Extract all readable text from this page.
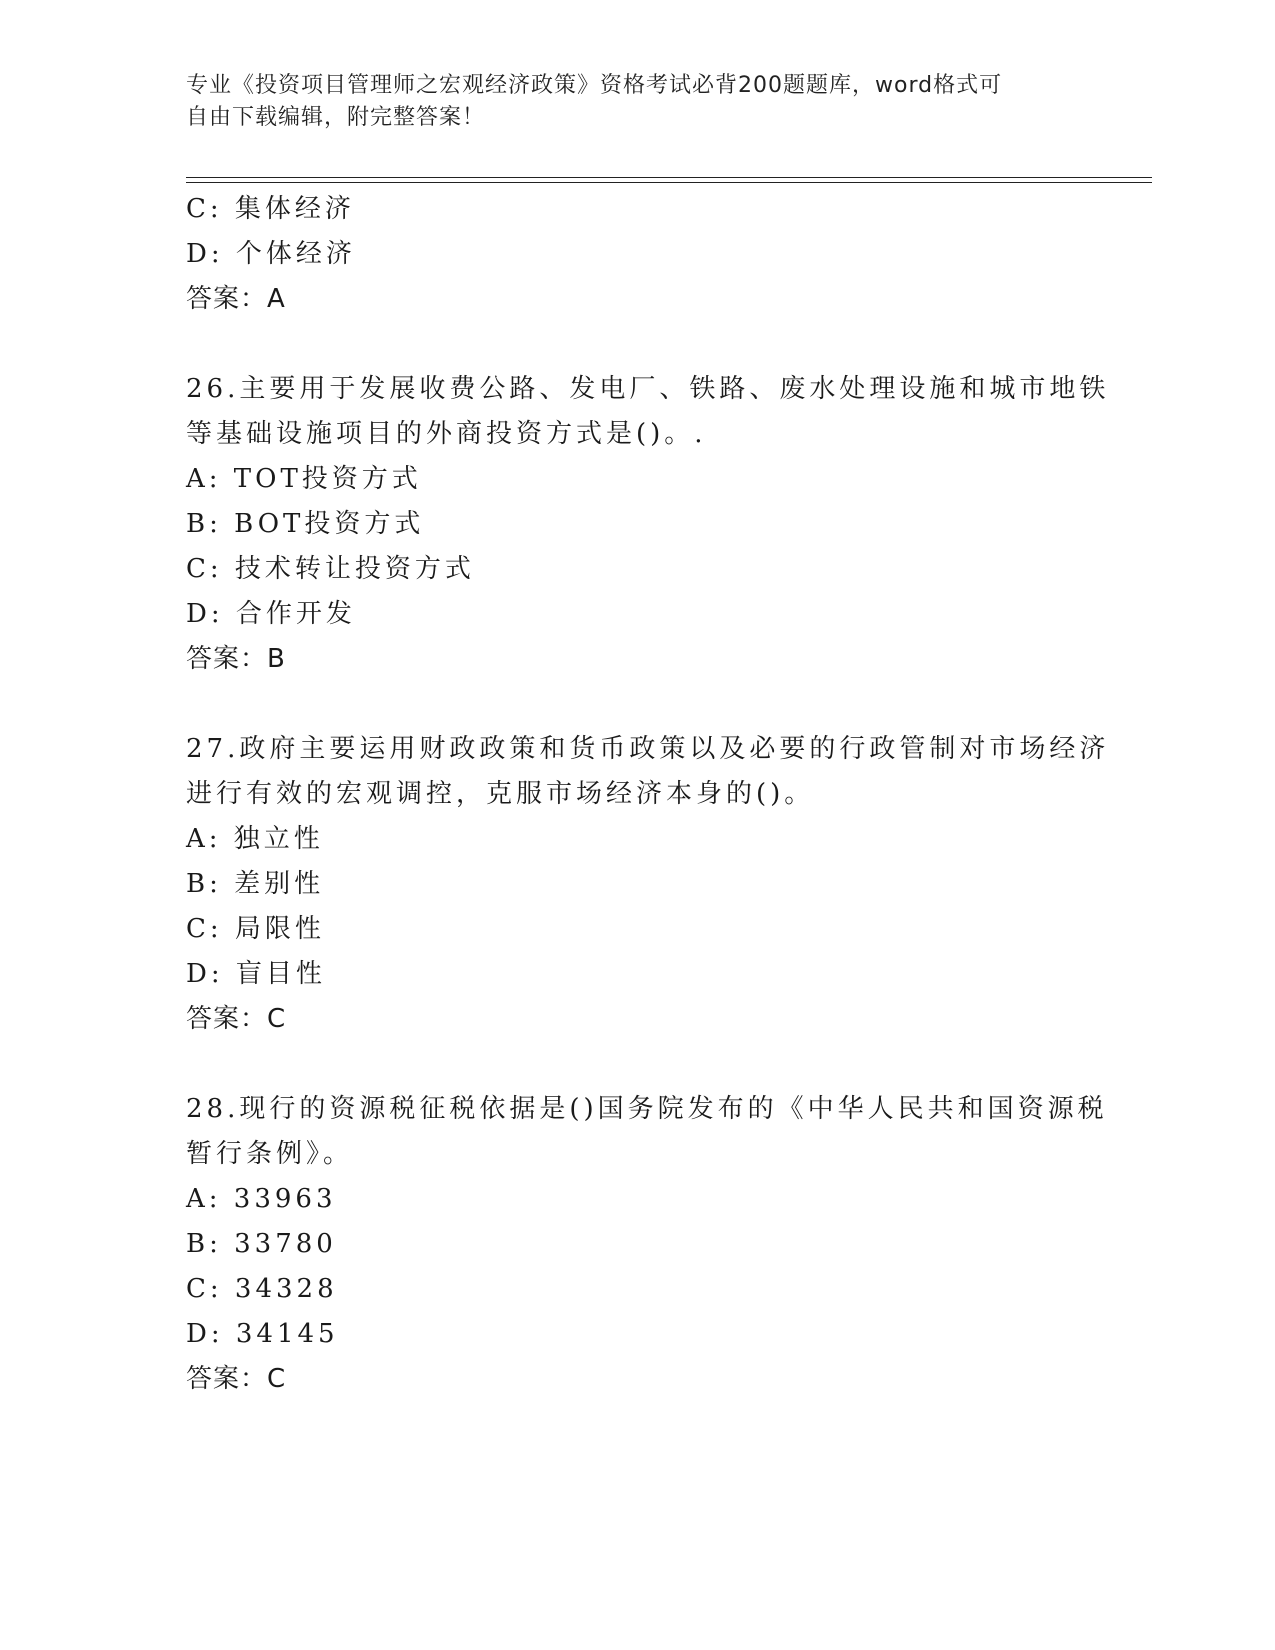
专业《投资项目管理师之宏观经济政策》资格考试必背200题题库，word格式可
自由下载编辑，附完整答案！
C: 集体经济
D: 个体经济
答案：A
26.主要用于发展收费公路、发电厂、铁路、废水处理设施和城市地铁
等基础设施项目的外商投资方式是()。.
A: TOT投资方式
B: BOT投资方式
C: 技术转让投资方式
D: 合作开发
答案：B
27.政府主要运用财政政策和货币政策以及必要的行政管制对市场经济
进行有效的宏观调控，克服市场经济本身的()。
A: 独立性
B: 差别性
C: 局限性
D: 盲目性
答案：C
28.现行的资源税征税依据是()国务院发布的《中华人民共和国资源税
暂行条例》。
A: 33963
B: 33780
C: 34328
D: 34145
答案：C
